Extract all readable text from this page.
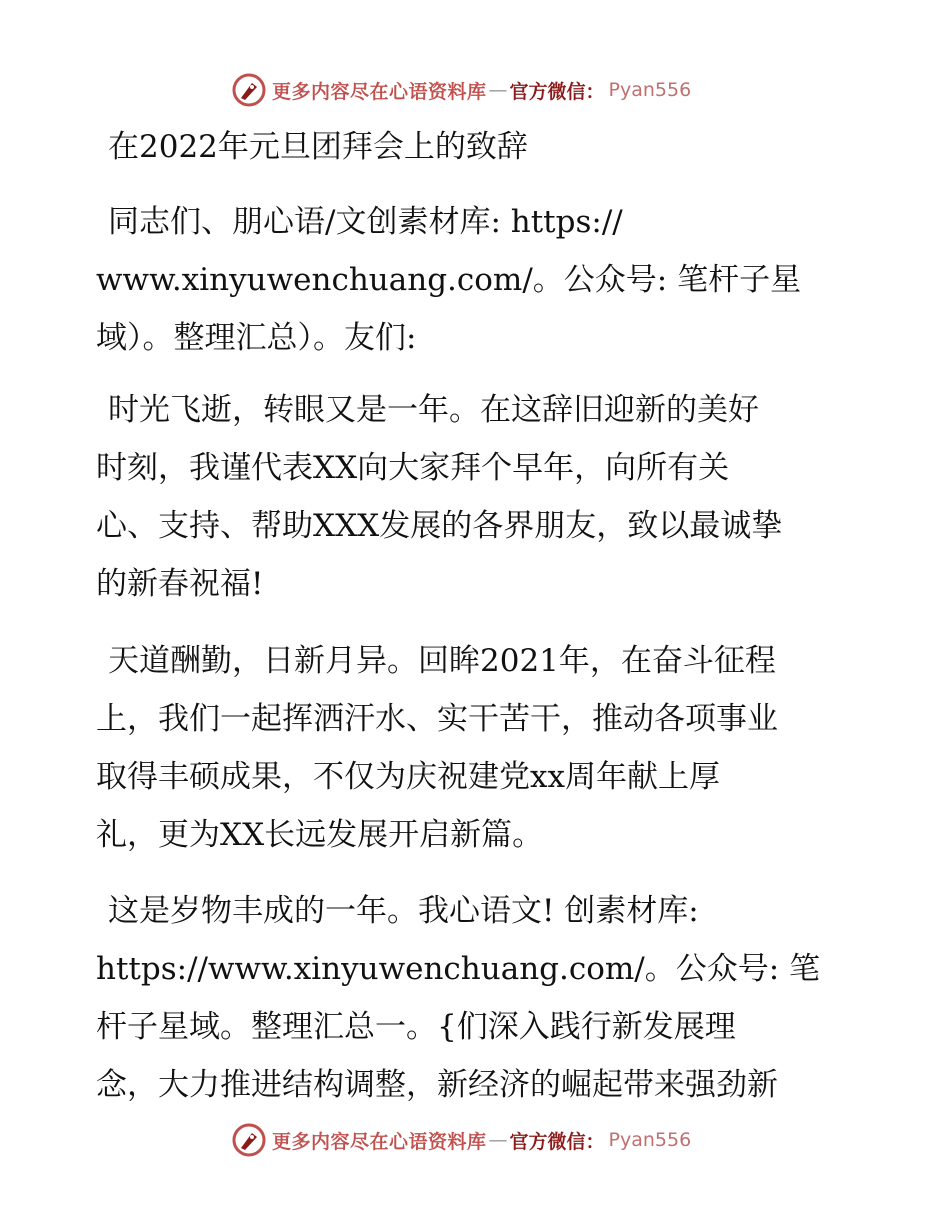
更多内容尽在心语资料库 — 官方微信： Pyan556
在2022年元旦团拜会上的致辞
同志们、朋心语/文创素材库: https://
www.xinyuwenchuang.com/。公众号: 笔杆子星
域）。整理汇总）。友们:
时光飞逝，转眼又是一年。在这辞旧迎新的美好
时刻，我谨代表XX向大家拜个早年，向所有关
心、支持、帮助XXX发展的各界朋友，致以最诚挚
的新春祝福!
天道酬勤，日新月异。回眸2021年，在奋斗征程
上，我们一起挥洒汗水、实干苦干，推动各项事业
取得丰硕成果，不仅为庆祝建党xx周年献上厚
礼，更为XX长远发展开启新篇。
这是岁物丰成的一年。我心语文! 创素材库:
https://www.xinyuwenchuang.com/。公众号: 笔
杆子星域。整理汇总一。{们深入践行新发展理
念，大力推进结构调整，新经济的崛起带来强劲新
更多内容尽在心语资料库 — 官方微信： Pyan556
